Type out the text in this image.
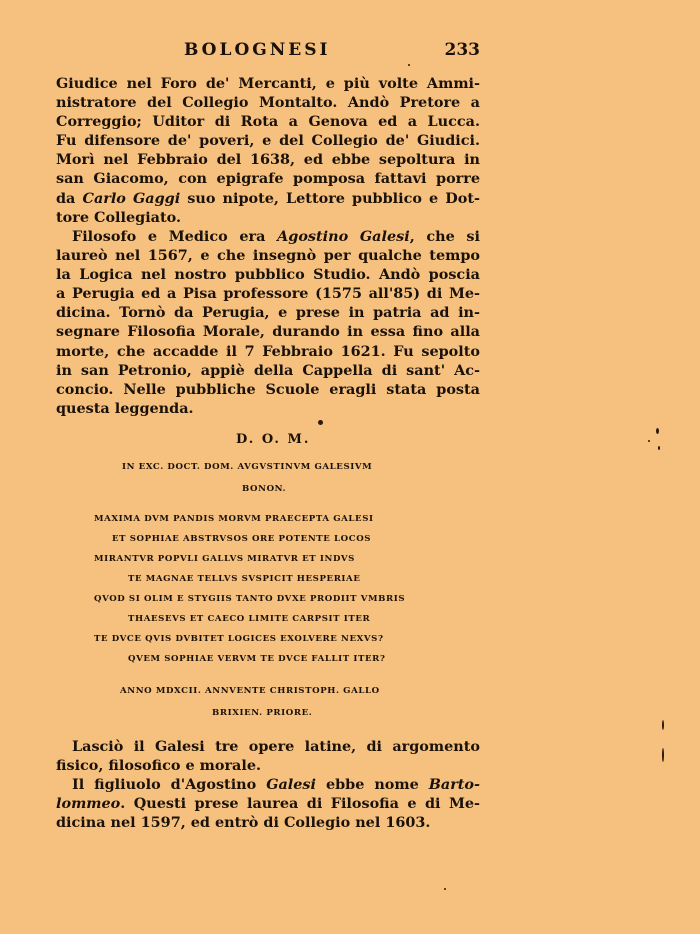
BOLOGNESI	233
Giudice nel Foro de' Mercanti, e più volte Ammi-
nistratore del Collegio Montalto. Andò Pretore a
Correggio; Uditor di Rota a Genova ed a Lucca.
Fu difensore de' poveri, e del Collegio de' Giudici.
Morì nel Febbraio del 1638, ed ebbe sepoltura in
san Giacomo, con epigrafe pomposa fattavi porre
da Carlo Gaggi suo nipote, Lettore pubblico e Dot-
tore Collegiato.
Filosofo e Medico era Agostino Galesi, che si
laureò nel 1567, e che insegnò per qualche tempo
la Logica nel nostro pubblico Studio. Andò poscia
a Perugia ed a Pisa professore (1575 all'85) di Me-
dicina. Tornò da Perugia, e prese in patria ad in-
segnare Filosofia Morale, durando in essa fino alla
morte, che accadde il 7 Febbraio 1621. Fu sepolto
in san Petronio, appiè della Cappella di sant' Ac-
concio. Nelle pubbliche Scuole eragli stata posta
questa leggenda.
D. O. M.
IN EXC. DOCT. DOM. AVGVSTINVM GALESIVM
BONON.
MAXIMA DVM PANDIS MORVM PRAECEPTA GALESI
ET SOPHIAE ABSTRVSOS ORE POTENTE LOCOS
MIRANTVR POPVLI GALLVS MIRATVR ET INDVS
TE MAGNAE TELLVS SVSPICIT HESPERIAE
QVOD SI OLIM E STYGIIS TANTO DVXE PRODIIT VMBRIS
THAESEVS ET CAECO LIMITE CARPSIT ITER
TE DVCE QVIS DVBITET LOGICES EXOLVERE NEXVS?
QVEM SOPHIAE VERVM TE DVCE FALLIT ITER?
ANNO MDXCII. ANNVENTE CHRISTOPH. GALLO
BRIXIEN. PRIORE.
Lasciò il Galesi tre opere latine, di argomento
fisico, filosofico e morale.
Il figliuolo d'Agostino Galesi ebbe nome Barto-
lommeo. Questi prese laurea di Filosofia e di Me-
dicina nel 1597, ed entrò di Collegio nel 1603.
